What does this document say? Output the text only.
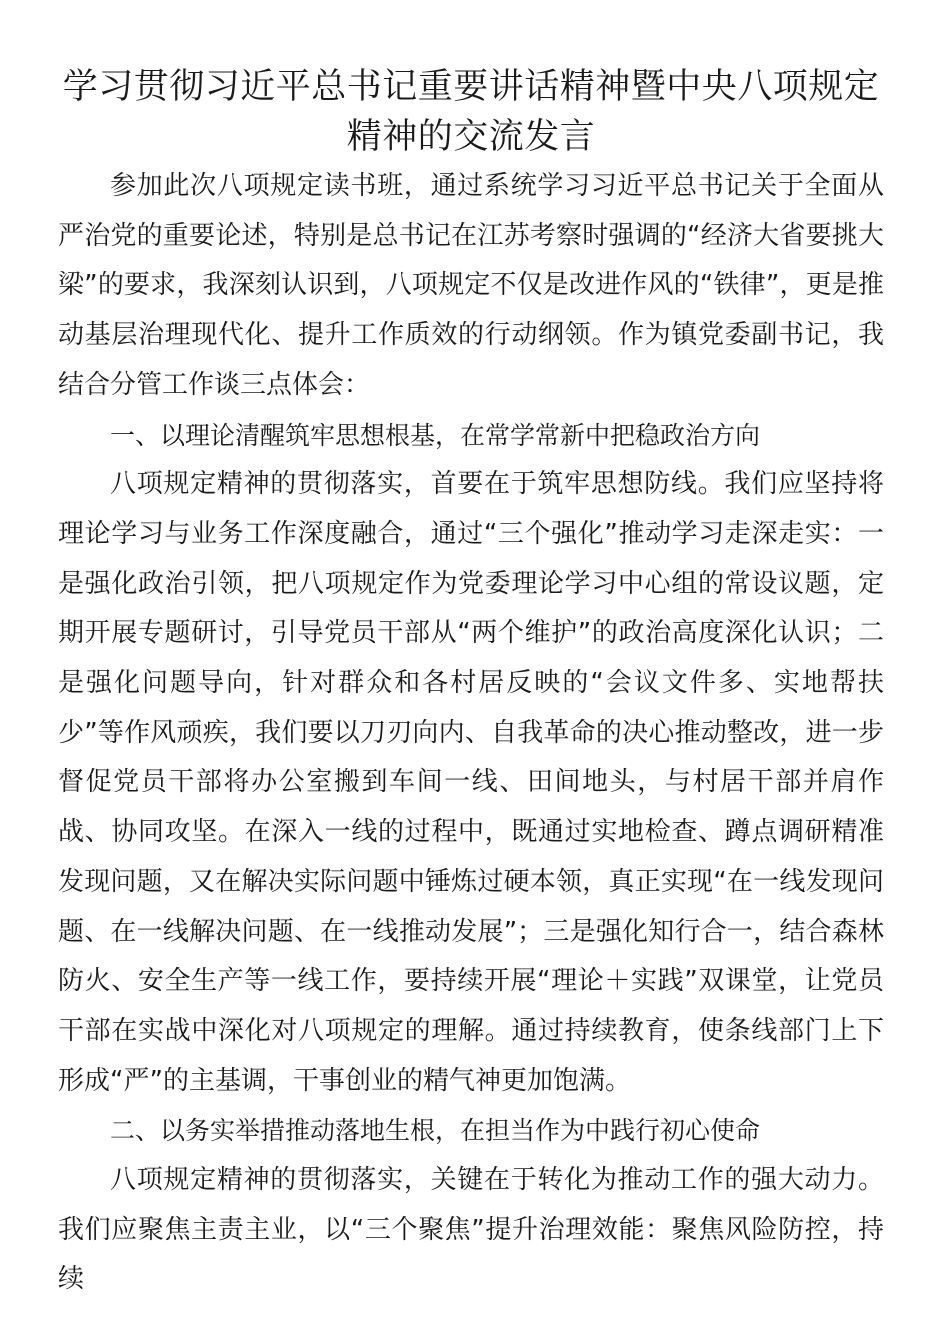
学习贯彻习近平总书记重要讲话精神暨中央八项规定精神的交流发言

参加此次八项规定读书班，通过系统学习习近平总书记关于全面从严治党的重要论述，特别是总书记在江苏考察时强调的“经济大省要挑大梁”的要求，我深刻认识到，八项规定不仅是改进作风的“铁律”，更是推动基层治理现代化、提升工作质效的行动纲领。作为镇党委副书记，我结合分管工作谈三点体会：

一、以理论清醒筑牢思想根基，在常学常新中把稳政治方向

八项规定精神的贯彻落实，首要在于筑牢思想防线。我们应坚持将理论学习与业务工作深度融合，通过“三个强化”推动学习走深走实：一是强化政治引领，把八项规定作为党委理论学习中心组的常设议题，定期开展专题研讨，引导党员干部从“两个维护”的政治高度深化认识；二是强化问题导向，针对群众和各村居反映的“会议文件多、实地帮扶少”等作风顽疾，我们要以刀刃向内、自我革命的决心推动整改，进一步督促党员干部将办公室搬到车间一线、田间地头，与村居干部并肩作战、协同攻坚。在深入一线的过程中，既通过实地检查、蹲点调研精准发现问题，又在解决实际问题中锤炼过硬本领，真正实现“在一线发现问题、在一线解决问题、在一线推动发展”；三是强化知行合一，结合森林防火、安全生产等一线工作，要持续开展“理论＋实践”双课堂，让党员干部在实战中深化对八项规定的理解。通过持续教育，使条线部门上下形成“严”的主基调，干事创业的精气神更加饱满。

二、以务实举措推动落地生根，在担当作为中践行初心使命

八项规定精神的贯彻落实，关键在于转化为推动工作的强大动力。我们应聚焦主责主业，以“三个聚焦”提升治理效能：聚焦风险防控，持续
